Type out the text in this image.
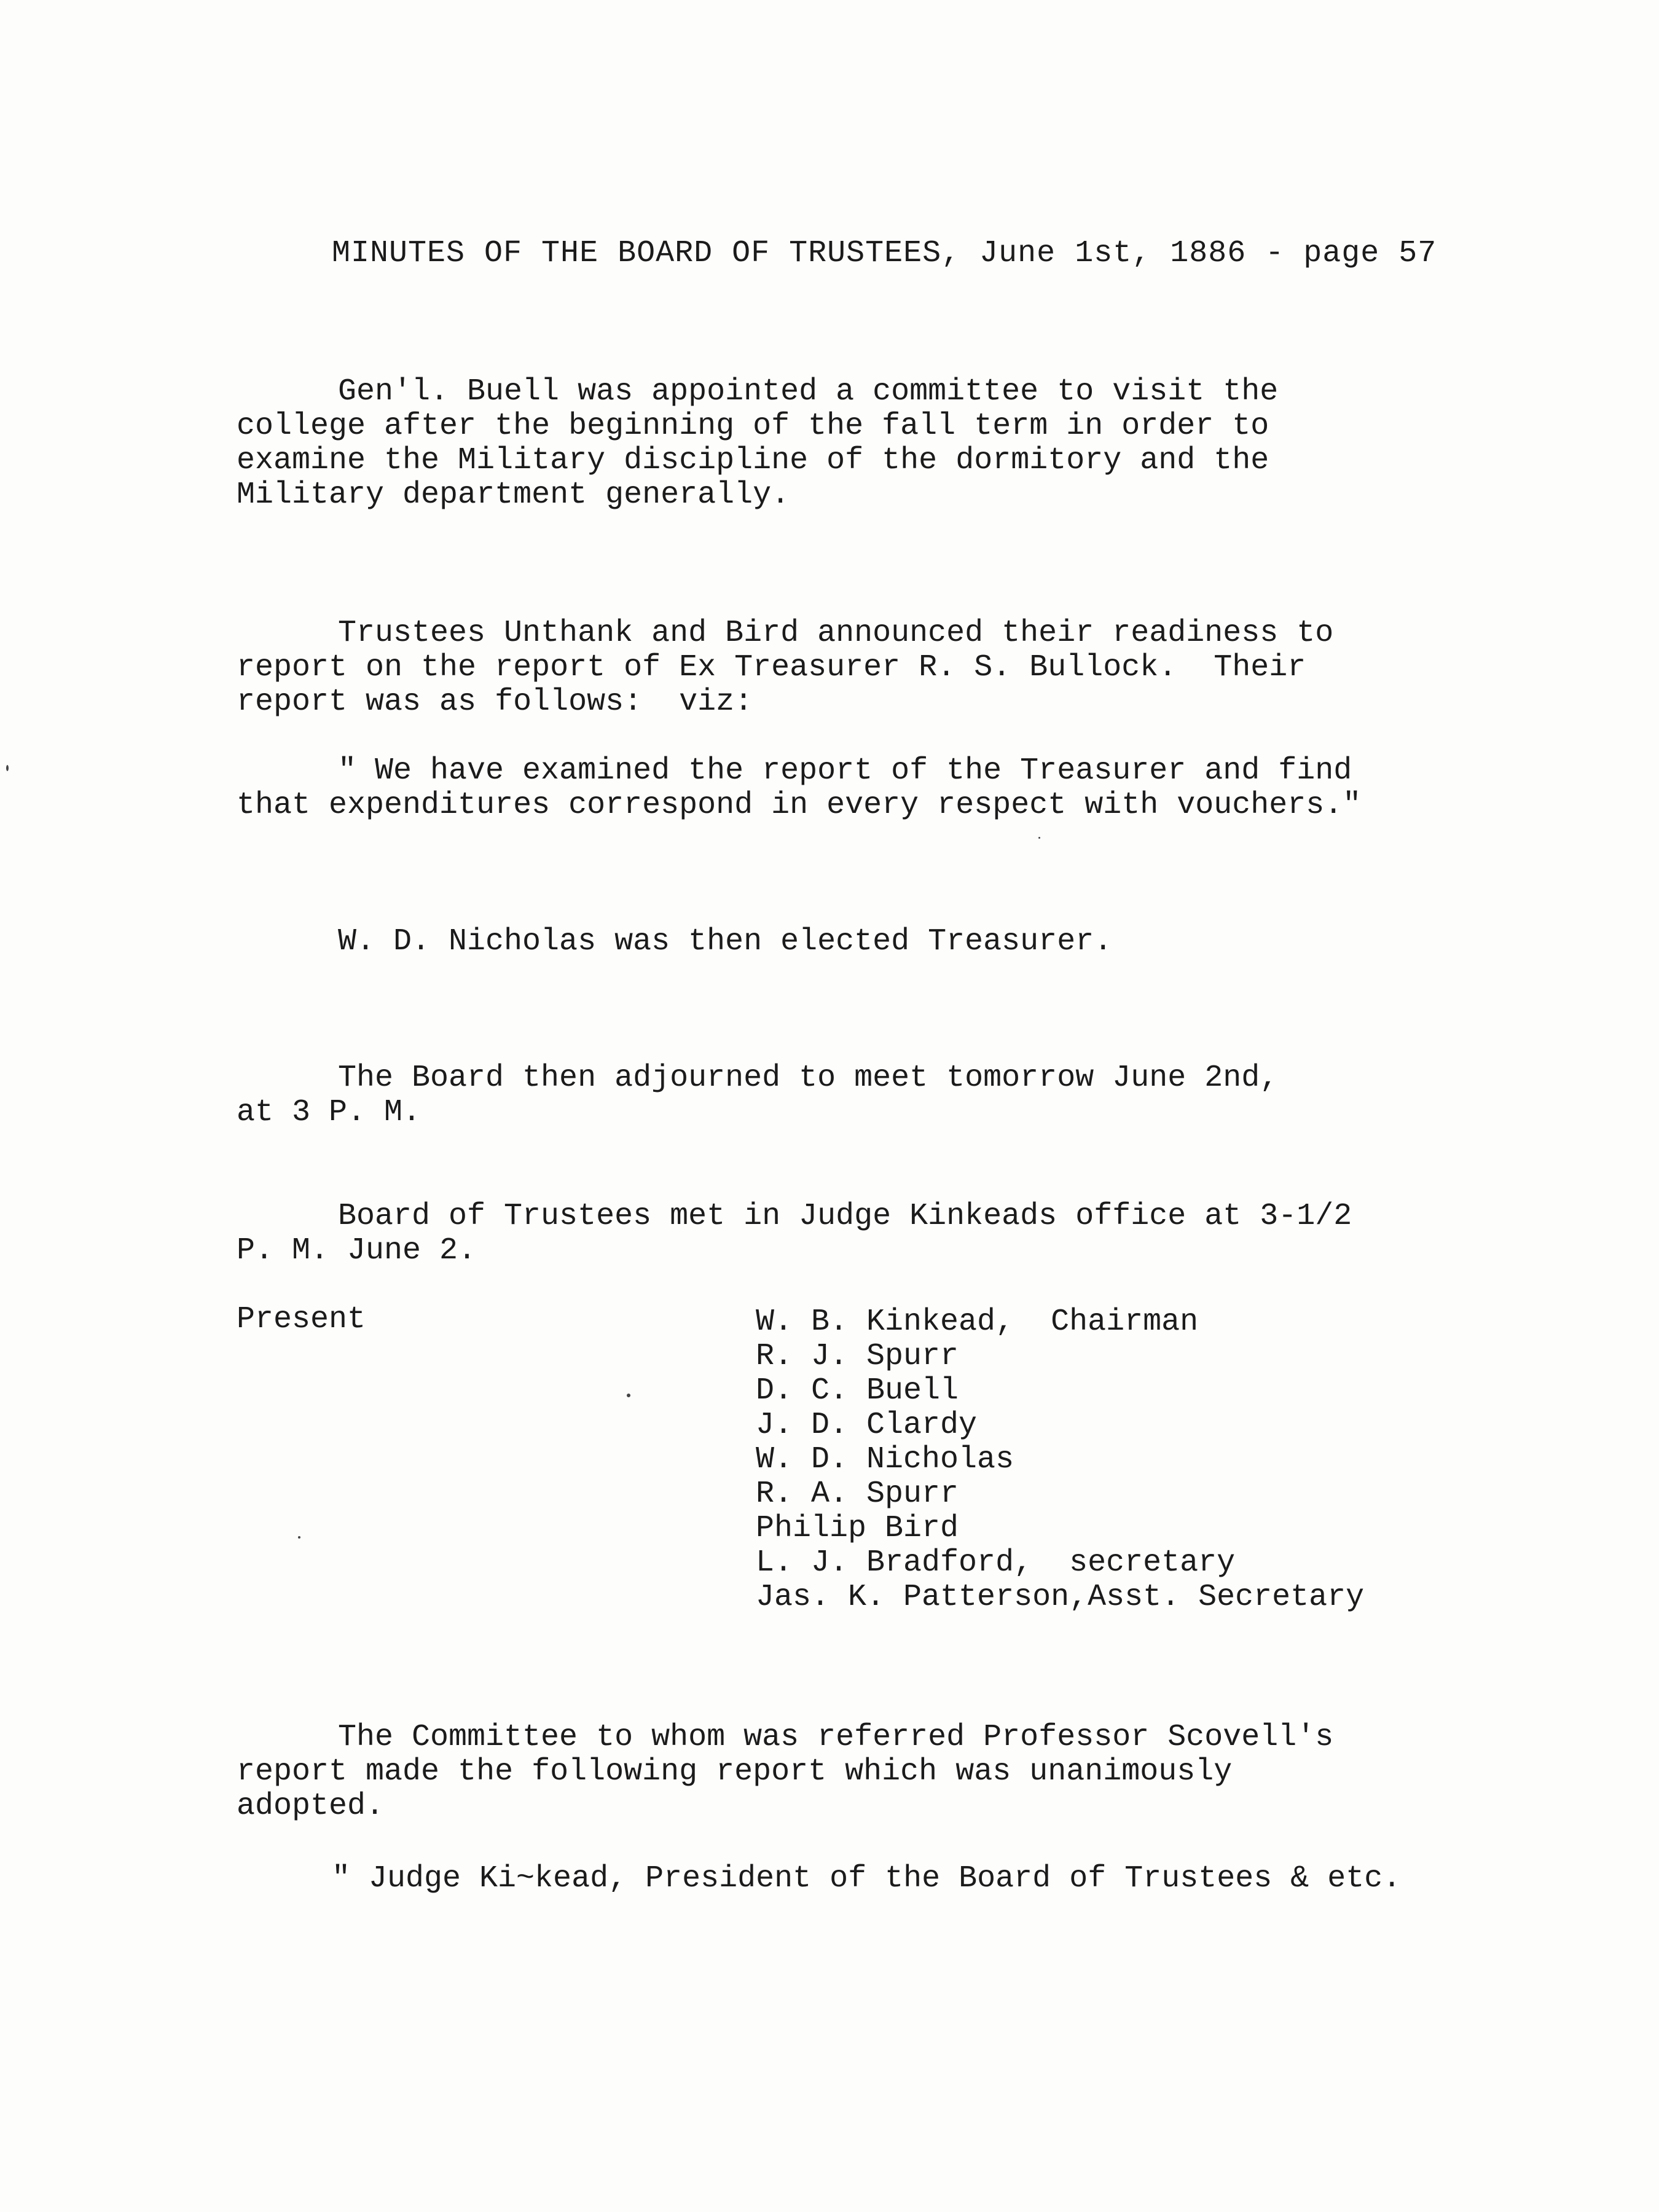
MINUTES OF THE BOARD OF TRUSTEES, June 1st, 1886 - page 57

Gen'l. Buell was appointed a committee to visit the

college after the beginning of the fall term in order to

examine the Military discipline of the dormitory and the

Military department generally.

Trustees Unthank and Bird announced their readiness to

report on the report of Ex Treasurer R. S. Bullock.  Their

report was as follows:  viz:

" We have examined the report of the Treasurer and find

that expenditures correspond in every respect with vouchers."

W. D. Nicholas was then elected Treasurer.

The Board then adjourned to meet tomorrow June 2nd,

at 3 P. M.

Board of Trustees met in Judge Kinkeads office at 3-1/2

P. M. June 2.

Present	W. B. Kinkead,  Chairman

R. J. Spurr

D. C. Buell

J. D. Clardy

W. D. Nicholas

R. A. Spurr

Philip Bird

L. J. Bradford,  secretary

Jas. K. Patterson,Asst. Secretary

The Committee to whom was referred Professor Scovell's

report made the following report which was unanimously

adopted.

" Judge Ki~kead, President of the Board of Trustees & etc.
